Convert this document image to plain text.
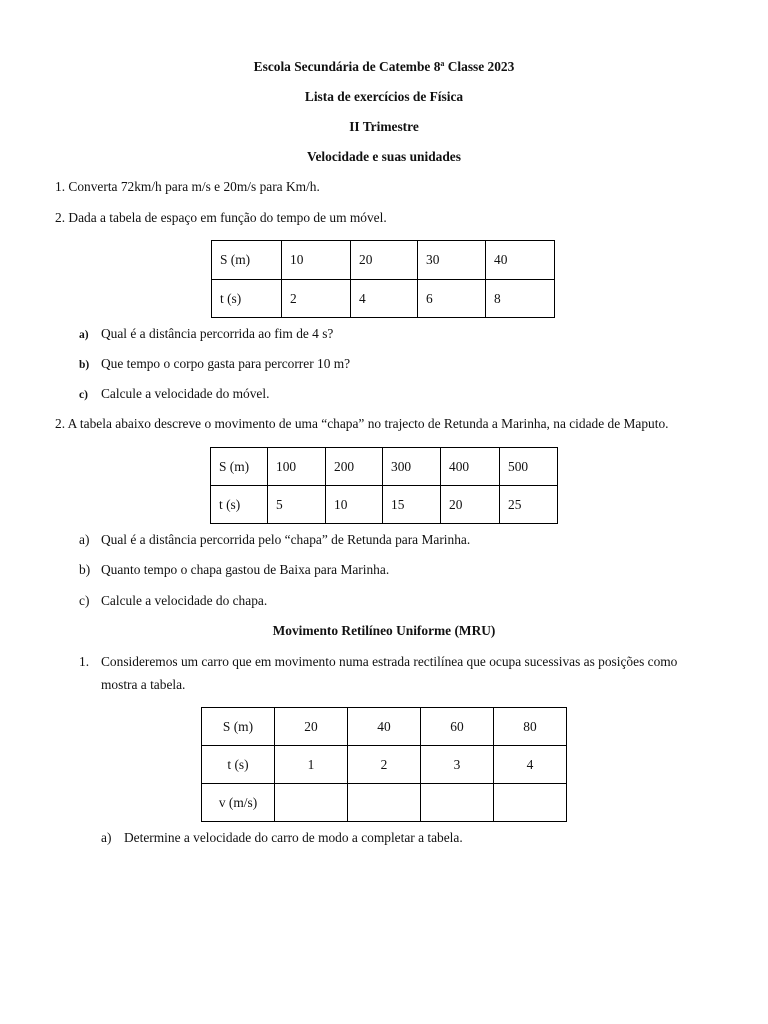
Escola Secundária de Catembe 8$^a$ Classe 2023
Lista de exercícios de Física
II Trimestre
Velocidade e suas unidades
1. Converta 72km/h para m/s e 20m/s para Km/h.
2. Dada a tabela de espaço em função do tempo de um móvel.
S (m)	10	20	30	40
t (s)	2	4	6	8
a) Qual é a distância percorrida ao fim de 4 s?
b) Que tempo o corpo gasta para percorrer 10 m?
c) Calcule a velocidade do móvel.
2. A tabela abaixo descreve o movimento de uma “chapa” no trajecto de Retunda a Marinha, na cidade de Maputo.
S (m)	100	200	300	400	500
t (s)	5	10	15	20	25
a) Qual é a distância percorrida pelo “chapa” de Retunda para Marinha.
b) Quanto tempo o chapa gastou de Baixa para Marinha.
c) Calcule a velocidade do chapa.
Movimento Retilíneo Uniforme (MRU)
1. Consideremos um carro que em movimento numa estrada rectilínea que ocupa sucessivas as posições como
mostra a tabela.
S (m)	20	40	60	80
t (s)	1	2	3	4
v (m/s)				
a) Determine a velocidade do carro de modo a completar a tabela.
